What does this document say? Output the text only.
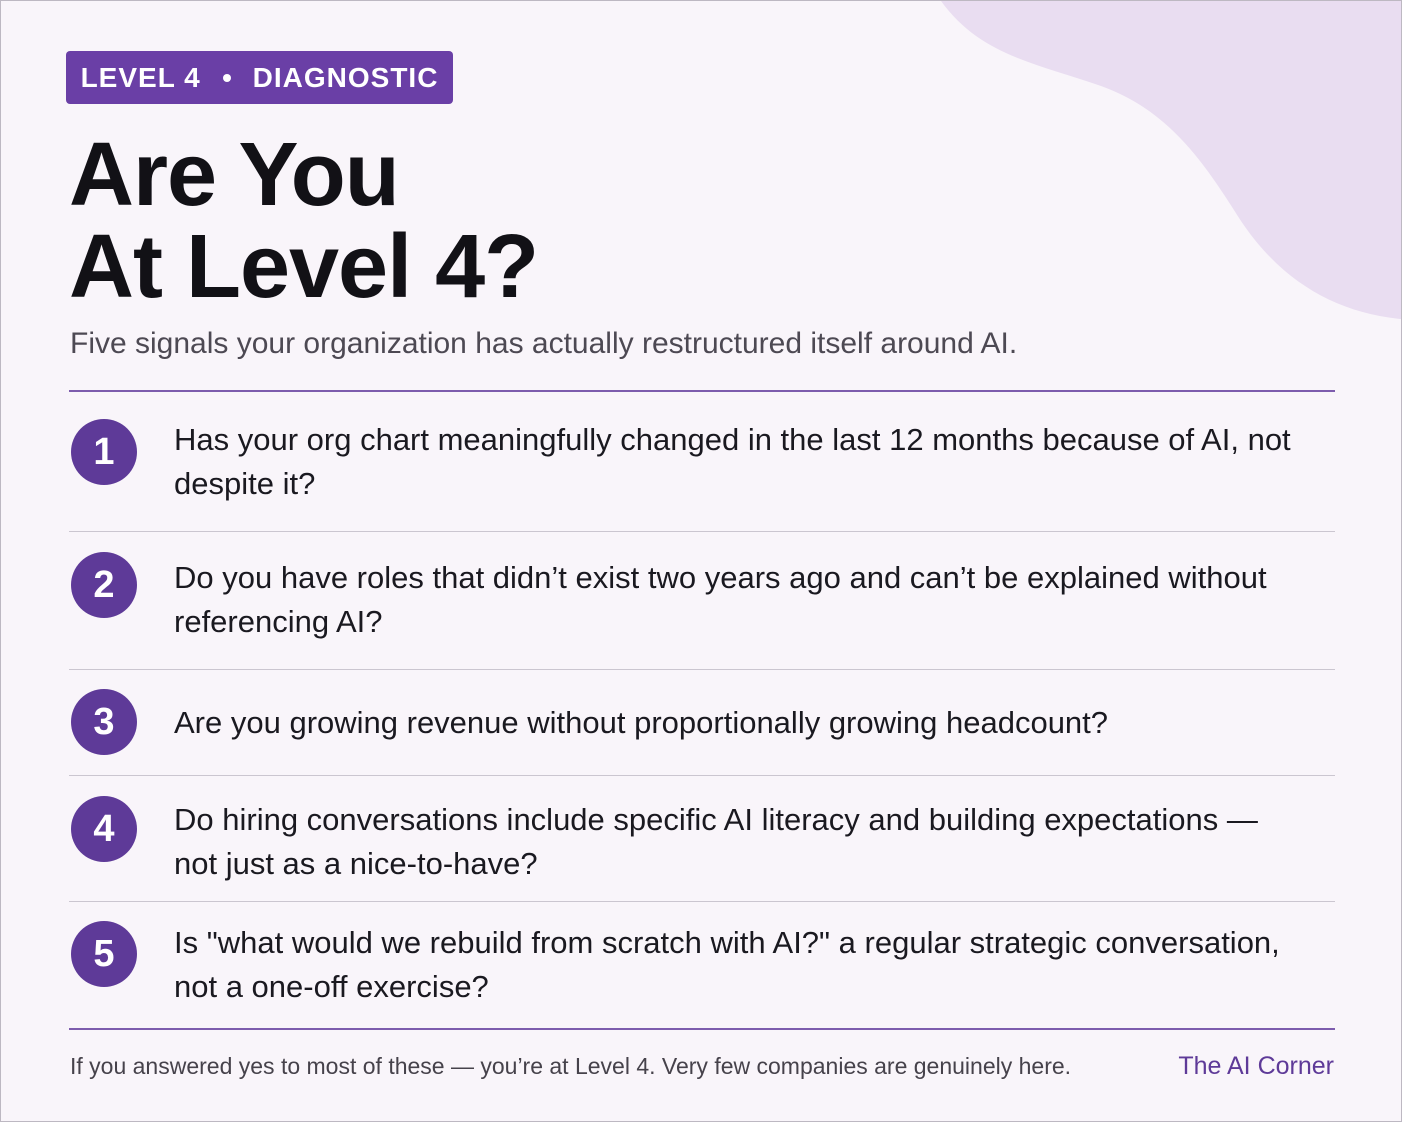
LEVEL 4 DIAGNOSTIC
Are You
At Level 4?

Five signals your organization has actually restructured itself around AI.

1	Has your org chart meaningfully changed in the last 12 months because of AI, not despite it?

2	Do you have roles that didn’t exist two years ago and can’t be explained without referencing AI?

3	Are you growing revenue without proportionally growing headcount?

4	Do hiring conversations include specific AI literacy and building expectations — not just as a nice-to-have?

5	Is "what would we rebuild from scratch with AI?" a regular strategic conversation, not a one-off exercise?

If you answered yes to most of these — you’re at Level 4. Very few companies are genuinely here.	The AI Corner
